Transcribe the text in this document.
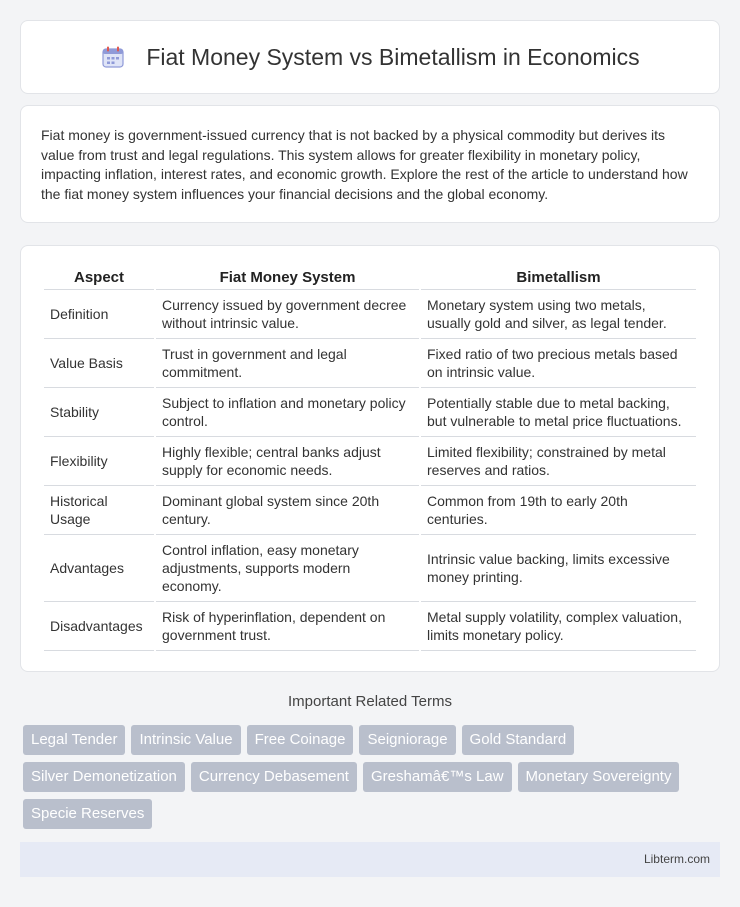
Fiat Money System vs Bimetallism in Economics

Fiat money is government-issued currency that is not backed by a physical commodity but derives its value from trust and legal regulations. This system allows for greater flexibility in monetary policy, impacting inflation, interest rates, and economic growth. Explore the rest of the article to understand how the fiat money system influences your financial decisions and the global economy.

Aspect	Fiat Money System	Bimetallism
Definition	Currency issued by government decree without intrinsic value.	Monetary system using two metals, usually gold and silver, as legal tender.
Value Basis	Trust in government and legal commitment.	Fixed ratio of two precious metals based on intrinsic value.
Stability	Subject to inflation and monetary policy control.	Potentially stable due to metal backing, but vulnerable to metal price fluctuations.
Flexibility	Highly flexible; central banks adjust supply for economic needs.	Limited flexibility; constrained by metal reserves and ratios.
Historical Usage	Dominant global system since 20th century.	Common from 19th to early 20th centuries.
Advantages	Control inflation, easy monetary adjustments, supports modern economy.	Intrinsic value backing, limits excessive money printing.
Disadvantages	Risk of hyperinflation, dependent on government trust.	Metal supply volatility, complex valuation, limits monetary policy.
Important Related Terms
Legal Tender	Intrinsic Value	Free Coinage	Seigniorage	Gold Standard
Silver Demonetization	Currency Debasement	Greshamâ€™s Law	Monetary Sovereignty
Specie Reserves
Libterm.com
